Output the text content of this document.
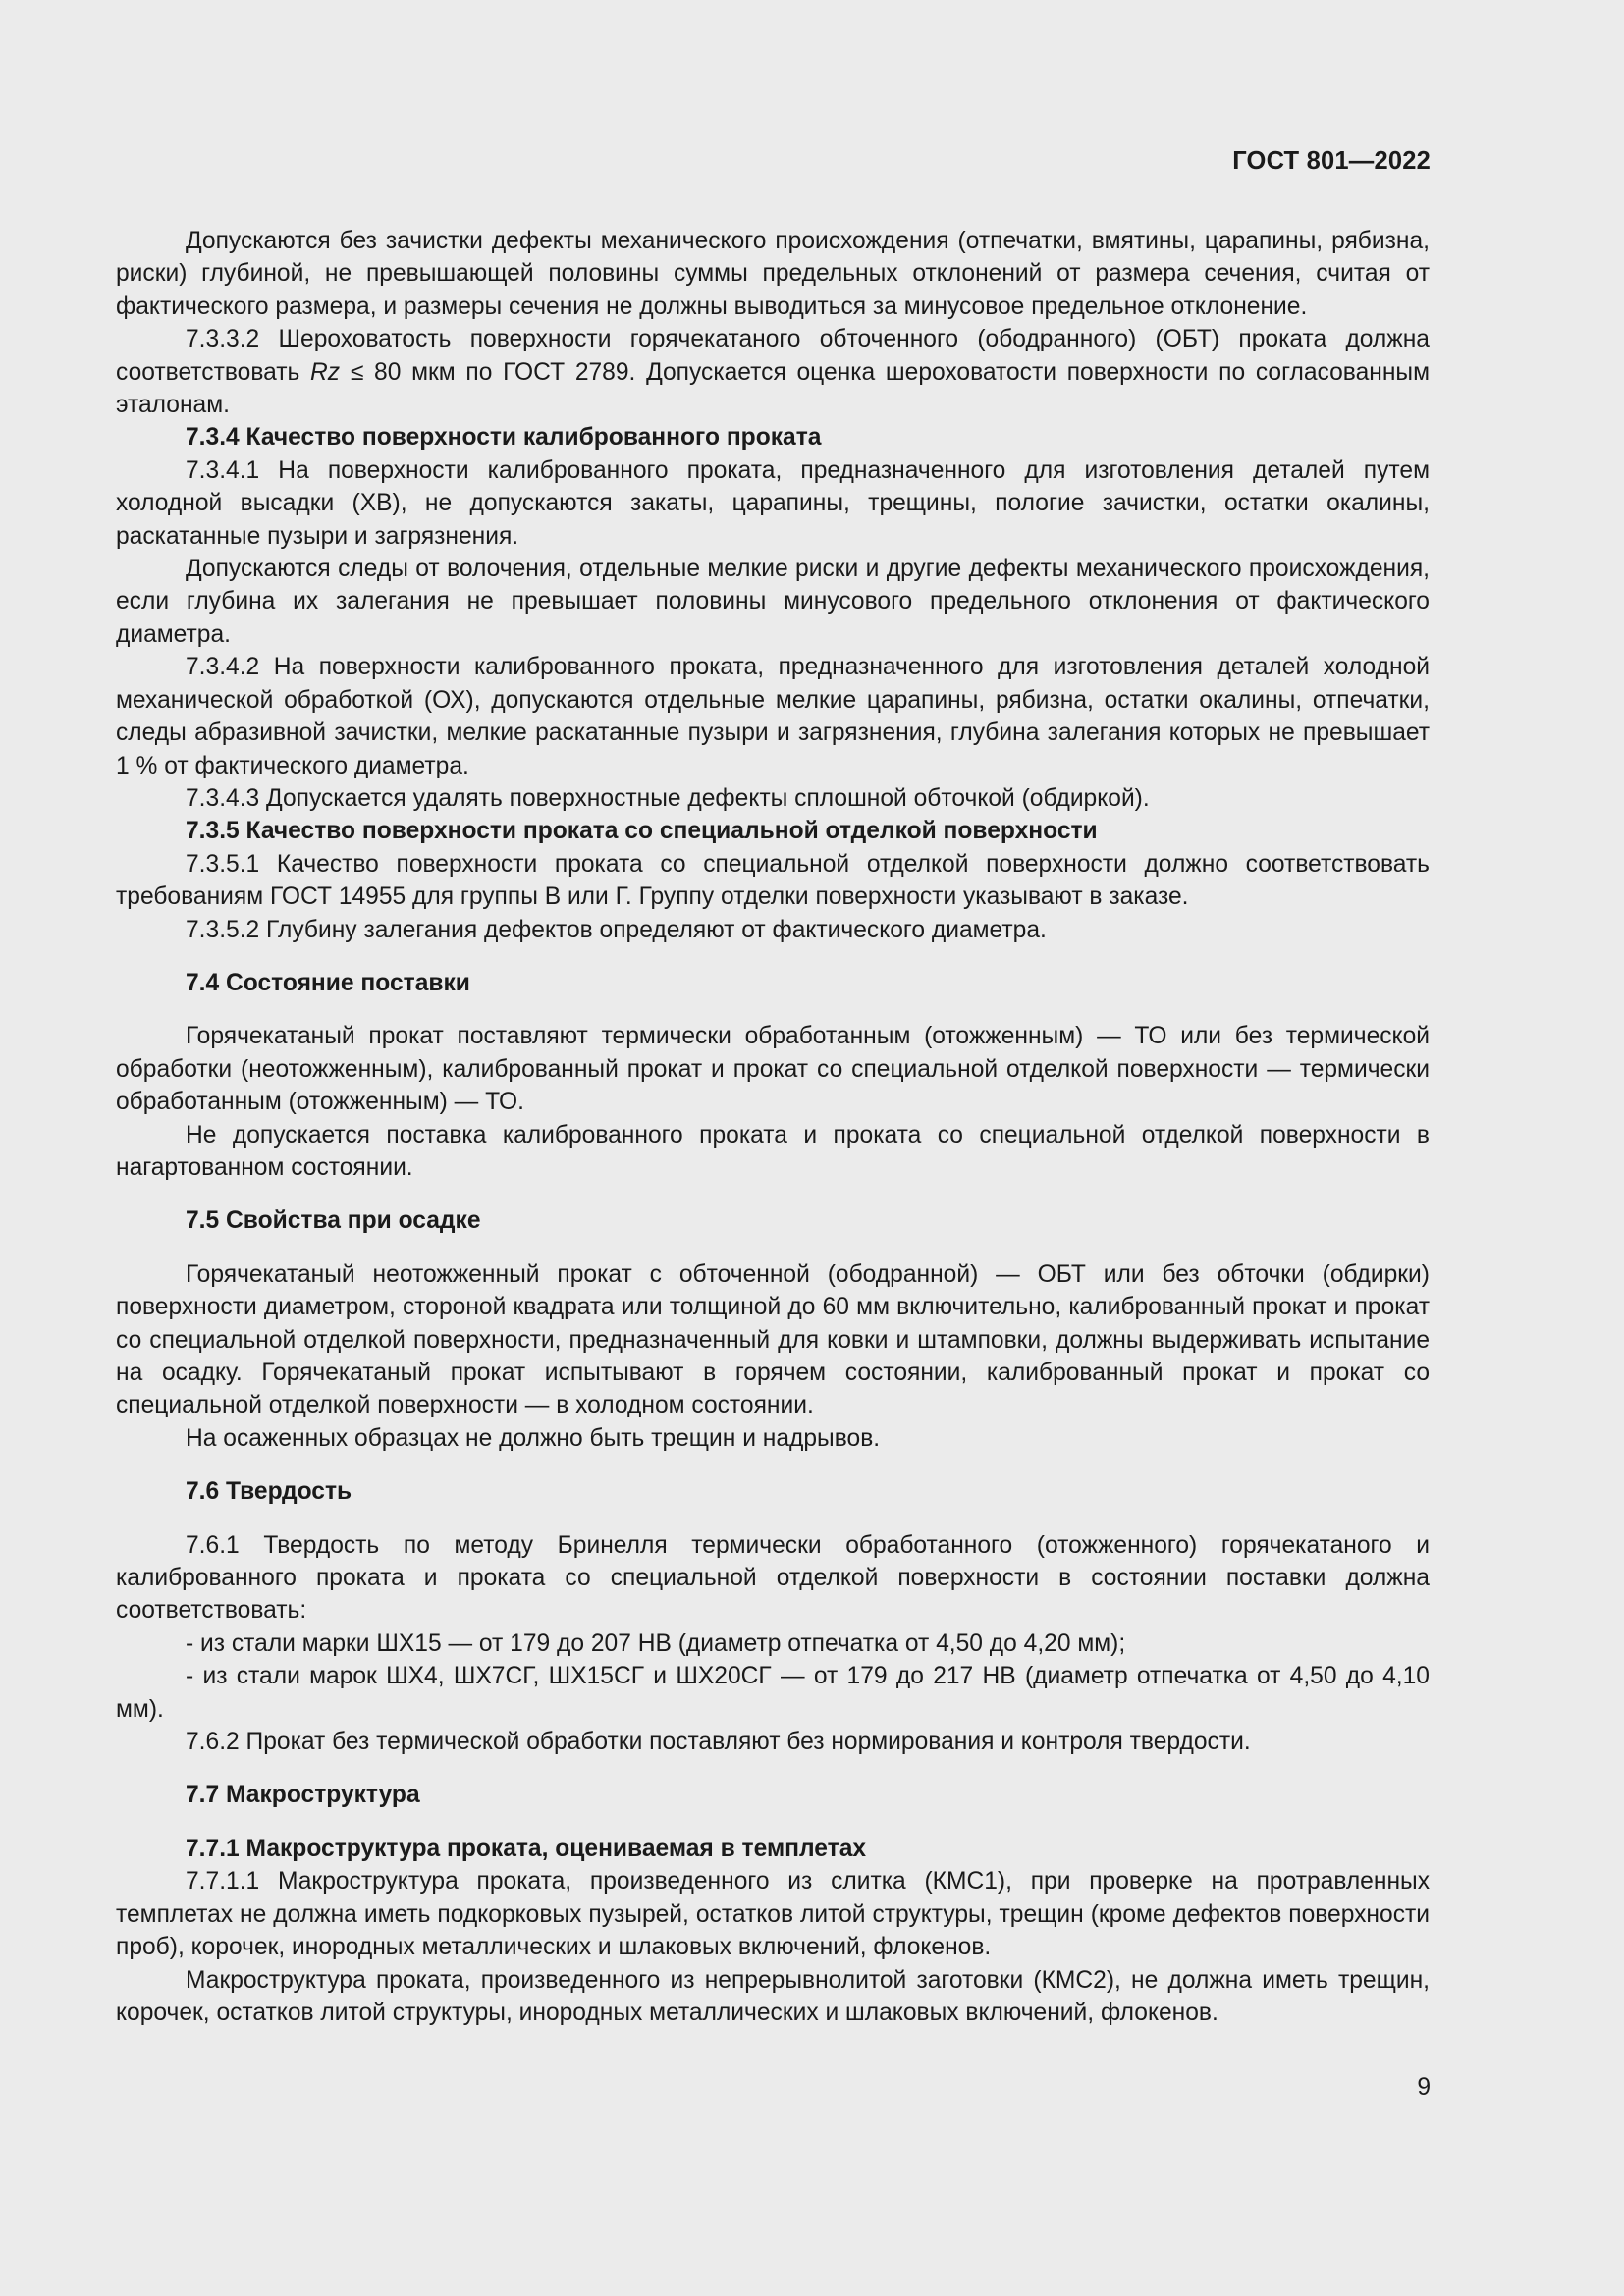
ГОСТ 801—2022

Допускаются без зачистки дефекты механического происхождения (отпечатки, вмятины, царапины, рябизна, риски) глубиной, не превышающей половины суммы предельных отклонений от размера сечения, считая от фактического размера, и размеры сечения не должны выводиться за минусовое предельное отклонение.

7.3.3.2 Шероховатость поверхности горячекатаного обточенного (ободранного) (ОБТ) проката должна соответствовать Rz ≤ 80 мкм по ГОСТ 2789. Допускается оценка шероховатости поверхности по согласованным эталонам.

7.3.4 Качество поверхности калиброванного проката

7.3.4.1 На поверхности калиброванного проката, предназначенного для изготовления деталей путем холодной высадки (ХВ), не допускаются закаты, царапины, трещины, пологие зачистки, остатки окалины, раскатанные пузыри и загрязнения.

Допускаются следы от волочения, отдельные мелкие риски и другие дефекты механического происхождения, если глубина их залегания не превышает половины минусового предельного отклонения от фактического диаметра.

7.3.4.2 На поверхности калиброванного проката, предназначенного для изготовления деталей холодной механической обработкой (ОХ), допускаются отдельные мелкие царапины, рябизна, остатки окалины, отпечатки, следы абразивной зачистки, мелкие раскатанные пузыри и загрязнения, глубина залегания которых не превышает 1 % от фактического диаметра.

7.3.4.3 Допускается удалять поверхностные дефекты сплошной обточкой (обдиркой).

7.3.5 Качество поверхности проката со специальной отделкой поверхности

7.3.5.1 Качество поверхности проката со специальной отделкой поверхности должно соответствовать требованиям ГОСТ 14955 для группы В или Г. Группу отделки поверхности указывают в заказе.

7.3.5.2 Глубину залегания дефектов определяют от фактического диаметра.

7.4 Состояние поставки

Горячекатаный прокат поставляют термически обработанным (отожженным) — ТО или без термической обработки (неотожженным), калиброванный прокат и прокат со специальной отделкой поверхности — термически обработанным (отожженным) — ТО.

Не допускается поставка калиброванного проката и проката со специальной отделкой поверхности в нагартованном состоянии.

7.5 Свойства при осадке

Горячекатаный неотожженный прокат с обточенной (ободранной) — ОБТ или без обточки (обдирки) поверхности диаметром, стороной квадрата или толщиной до 60 мм включительно, калиброванный прокат и прокат со специальной отделкой поверхности, предназначенный для ковки и штамповки, должны выдерживать испытание на осадку. Горячекатаный прокат испытывают в горячем состоянии, калиброванный прокат и прокат со специальной отделкой поверхности — в холодном состоянии.

На осаженных образцах не должно быть трещин и надрывов.

7.6 Твердость

7.6.1 Твердость по методу Бринелля термически обработанного (отожженного) горячекатаного и калиброванного проката и проката со специальной отделкой поверхности в состоянии поставки должна соответствовать:

- из стали марки ШХ15 — от 179 до 207 НВ (диаметр отпечатка от 4,50 до 4,20 мм);

- из стали марок ШХ4, ШХ7СГ, ШХ15СГ и ШХ20СГ — от 179 до 217 НВ (диаметр отпечатка от 4,50 до 4,10 мм).

7.6.2 Прокат без термической обработки поставляют без нормирования и контроля твердости.

7.7 Макроструктура

7.7.1 Макроструктура проката, оцениваемая в темплетах

7.7.1.1 Макроструктура проката, произведенного из слитка (КМС1), при проверке на протравленных темплетах не должна иметь подкорковых пузырей, остатков литой структуры, трещин (кроме дефектов поверхности проб), корочек, инородных металлических и шлаковых включений, флокенов.

Макроструктура проката, произведенного из непрерывнолитой заготовки (КМС2), не должна иметь трещин, корочек, остатков литой структуры, инородных металлических и шлаковых включений, флокенов.

9
